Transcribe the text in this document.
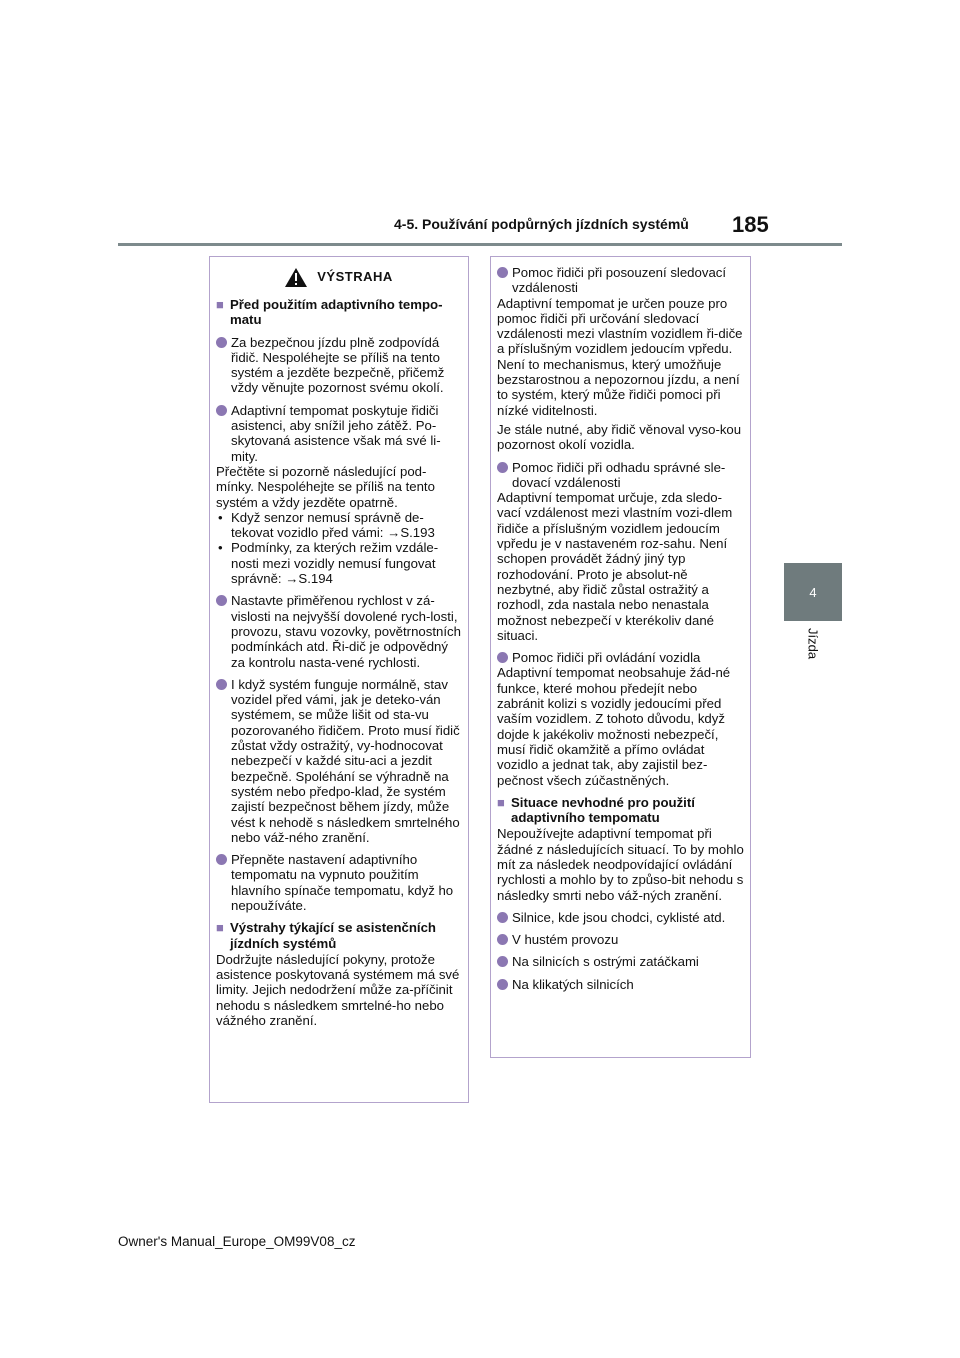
4-5. Používání podpůrných jízdních systémů 185
4
Jízda
VÝSTRAHA
■ Před použitím adaptivního tempo-matu
Za bezpečnou jízdu plně zodpovídá řidič. Nespoléhejte se příliš na tento systém a jezděte bezpečně, přičemž vždy věnujte pozornost svému okolí.
Adaptivní tempomat poskytuje řidiči asistenci, aby snížil jeho zátěž. Po-skytovaná asistence však má své li-mity.

Přečtěte si pozorně následující pod-mínky. Nespoléhejte se příliš na tento systém a vždy jezděte opatrně.

• Když senzor nemusí správně de-tekovat vozidlo před vámi: →S.193
• Podmínky, za kterých režim vzdále-nosti mezi vozidly nemusí fungovat správně: →S.194
Nastavte přiměřenou rychlost v zá-vislosti na nejvyšší dovolené rych-losti, provozu, stavu vozovky, povětrnostních podmínkách atd. Ři-dič je odpovědný za kontrolu nasta-vené rychlosti.
I když systém funguje normálně, stav vozidel před vámi, jak je deteko-ván systémem, se může lišit od sta-vu pozorovaného řidičem. Proto musí řidič zůstat vždy ostražitý, vy-hodnocovat nebezpečí v každé situ-aci a jezdit bezpečně. Spoléhání se výhradně na systém nebo předpo-klad, že systém zajistí bezpečnost během jízdy, může vést k nehodě s následkem smrtelného nebo váž-ného zranění.
Přepněte nastavení adaptivního tempomatu na vypnuto použitím hlavního spínače tempomatu, když ho nepoužíváte.
■ Výstrahy týkající se asistenčních jízdních systémů

Dodržujte následující pokyny, protože asistence poskytovaná systémem má své limity. Jejich nedodržení může za-příčinit nehodu s následkem smrtelné-ho nebo vážného zranění.

Pomoc řidiči při posouzení sledovací vzdálenosti

Adaptivní tempomat je určen pouze pro pomoc řidiči při určování sledovací vzdálenosti mezi vlastním vozidlem ři-diče a příslušným vozidlem jedoucím vpředu. Není to mechanismus, který umožňuje bezstarostnou a nepozornou jízdu, a není to systém, který může řidiči pomoci při nízké viditelnosti.

Je stále nutné, aby řidič věnoval vyso-kou pozornost okolí vozidla.

Pomoc řidiči při odhadu správné sle-dovací vzdálenosti

Adaptivní tempomat určuje, zda sledo-vací vzdálenost mezi vlastním vozi-dlem řidiče a příslušným vozidlem jedoucím vpředu je v nastaveném roz-sahu. Není schopen provádět žádný jiný typ rozhodování. Proto je absolut-ně nezbytné, aby řidič zůstal ostražitý a rozhodl, zda nastala nebo nenastala možnost nebezpečí v kterékoliv dané situaci.

Pomoc řidiči při ovládání vozidla

Adaptivní tempomat neobsahuje žád-né funkce, které mohou předejít nebo zabránit kolizi s vozidly jedoucími před vaším vozidlem. Z tohoto důvodu, když dojde k jakékoliv možnosti nebezpečí, musí řidič okamžitě a přímo ovládat vozidlo a jednat tak, aby zajistil bez-pečnost všech zúčastněných.

■ Situace nevhodné pro použití adaptivního tempomatu

Nepoužívejte adaptivní tempomat při žádné z následujících situací. To by mohlo mít za následek neodpovídající ovládání rychlosti a mohlo by to způso-bit nehodu s následky smrti nebo váž-ných zranění.

Silnice, kde jsou chodci, cyklisté atd.
V hustém provozu
Na silnicích s ostrými zatáčkami
Na klikatých silnicích
Owner's Manual_Europe_OM99V08_cz
